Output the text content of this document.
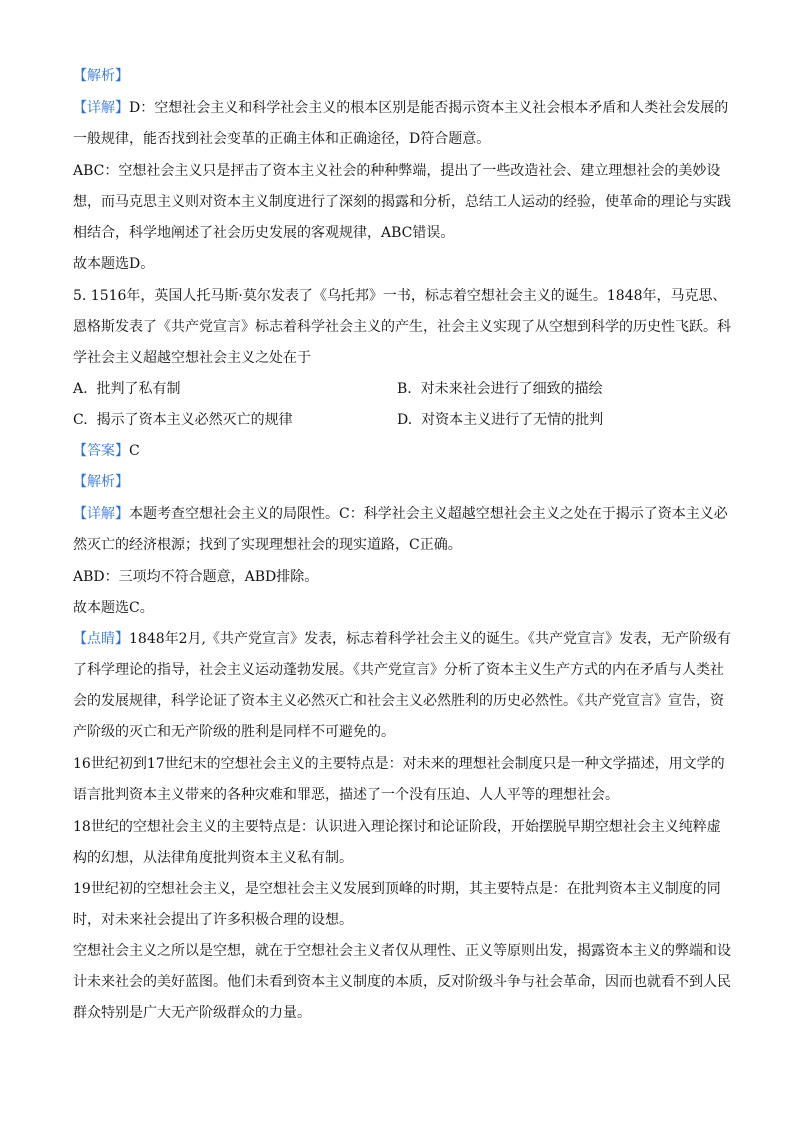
【解析】

【详解】D：空想社会主义和科学社会主义的根本区别是能否揭示资本主义社会根本矛盾和人类社会发展的一般规律，能否找到社会变革的正确主体和正确途径，D符合题意。

ABC：空想社会主义只是抨击了资本主义社会的种种弊端，提出了一些改造社会、建立理想社会的美妙设想，而马克思主义则对资本主义制度进行了深刻的揭露和分析，总结工人运动的经验，使革命的理论与实践相结合，科学地阐述了社会历史发展的客观规律，ABC错误。

故本题选D。

5. 1516年，英国人托马斯·莫尔发表了《乌托邦》一书，标志着空想社会主义的诞生。1848年，马克思、恩格斯发表了《共产党宣言》标志着科学社会主义的产生，社会主义实现了从空想到科学的历史性飞跃。科学社会主义超越空想社会主义之处在于

A. 批判了私有制	B. 对未来社会进行了细致的描绘

C. 揭示了资本主义必然灭亡的规律	D. 对资本主义进行了无情的批判

【答案】C

【解析】

【详解】本题考查空想社会主义的局限性。C：科学社会主义超越空想社会主义之处在于揭示了资本主义必然灭亡的经济根源；找到了实现理想社会的现实道路，C正确。

ABD：三项均不符合题意，ABD排除。

故本题选C。

【点睛】1848年2月,《共产党宣言》发表，标志着科学社会主义的诞生。《共产党宣言》发表，无产阶级有了科学理论的指导，社会主义运动蓬勃发展。《共产党宣言》分析了资本主义生产方式的内在矛盾与人类社会的发展规律，科学论证了资本主义必然灭亡和社会主义必然胜利的历史必然性。《共产党宣言》宣告，资产阶级的灭亡和无产阶级的胜利是同样不可避免的。

16世纪初到17世纪末的空想社会主义的主要特点是：对未来的理想社会制度只是一种文学描述，用文学的语言批判资本主义带来的各种灾难和罪恶，描述了一个没有压迫、人人平等的理想社会。

18世纪的空想社会主义的主要特点是：认识进入理论探讨和论证阶段，开始摆脱早期空想社会主义纯粹虚构的幻想，从法律角度批判资本主义私有制。

19世纪初的空想社会主义，是空想社会主义发展到顶峰的时期，其主要特点是：在批判资本主义制度的同时，对未来社会提出了许多积极合理的设想。

空想社会主义之所以是空想，就在于空想社会主义者仅从理性、正义等原则出发，揭露资本主义的弊端和设计未来社会的美好蓝图。他们未看到资本主义制度的本质，反对阶级斗争与社会革命，因而也就看不到人民群众特别是广大无产阶级群众的力量。
